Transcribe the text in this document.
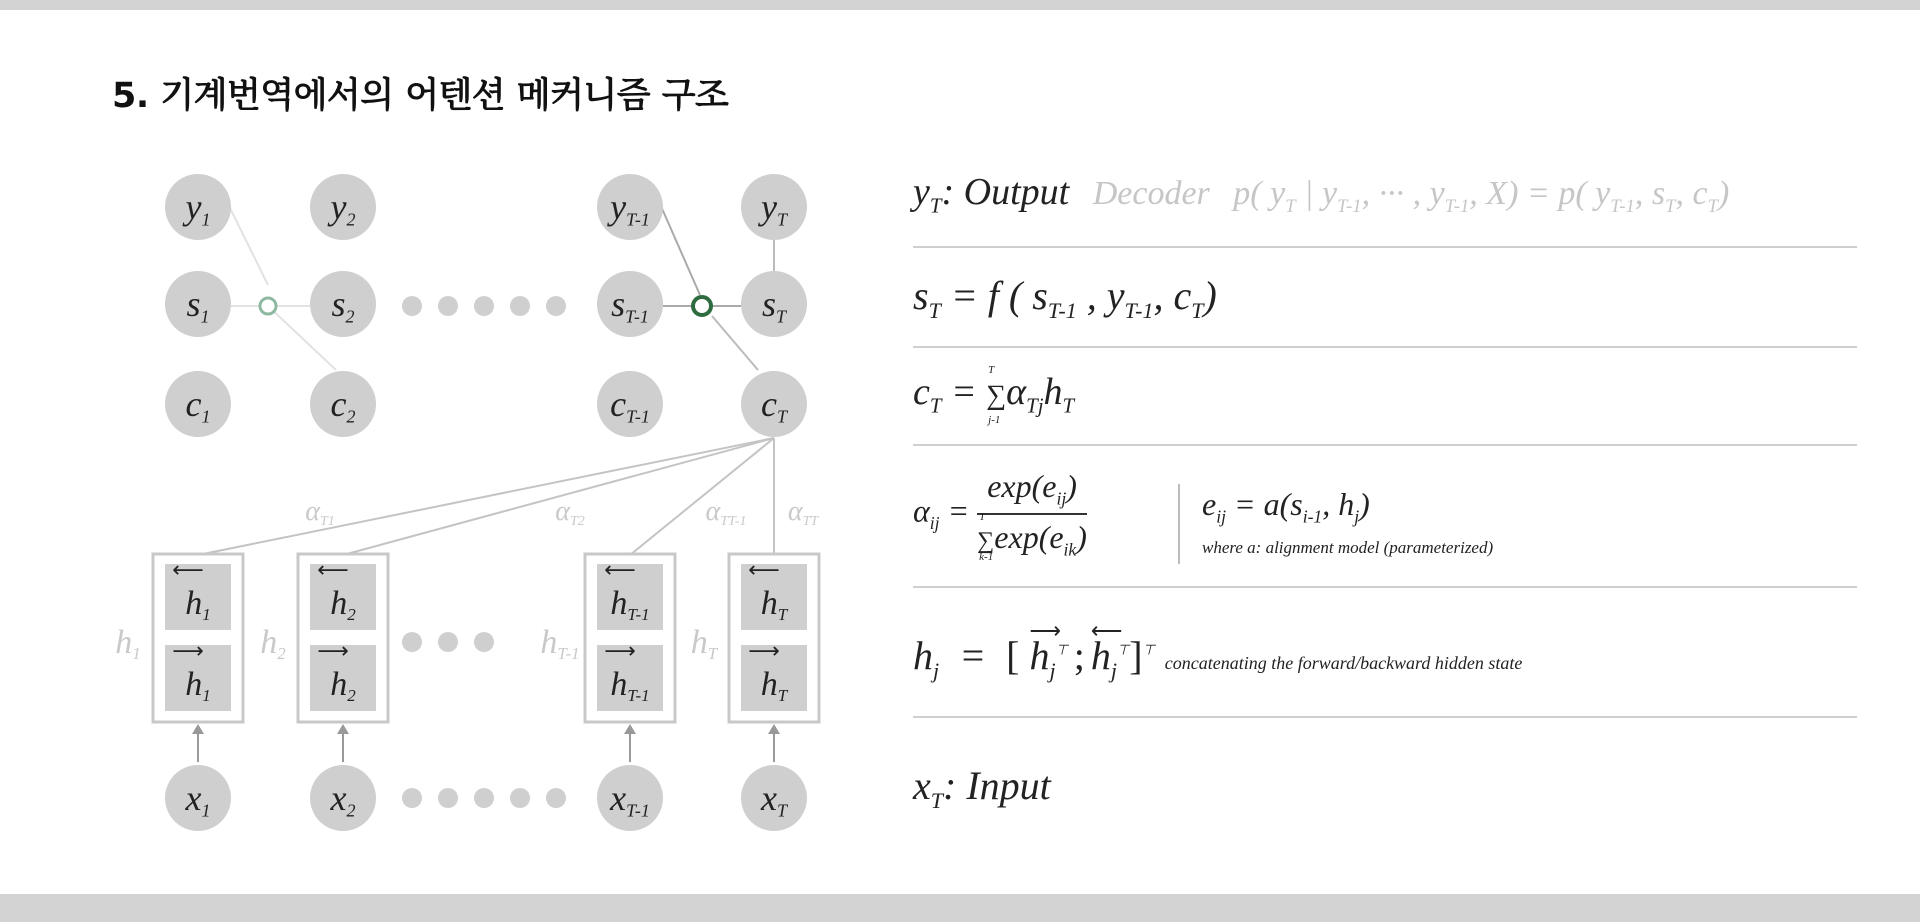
5. 기계번역에서의 어텐션 메커니즘 구조
y1	y2	yT-1	yT
s1	s2	sT-1	sT
c1	c2	cT-1	cT
αT1	αT2	αTT-1 αTT
h1
h1
⟵
⟶
h1
h2
h2
⟵
⟶
h2
hT-1
hT-1
⟵
⟶
hT-1
hT
hT
⟵
⟶
hT
x1	x2	xT-1	xT
$y_T$: Output Decoder p( $y_T$ | $y_{T-1}$, ··· , $y_{T-1}$, X) = p( $y_{T-1}$, $s_T$, $c_T$)
$s_T = f$ ( $s_{T-1}$ , $y_{T-1}$, $c_T$)
$c_T$ = ∑
T
j-1
$\alpha_{Tj}h_T$
$\alpha_{ij} = \exp(e_{ij})$
∑
T
k-1
$\exp(e_{ik})$	$e_{ij} = a(s_{i-1}$, $h_j$)
where a: alignment model (parameterized)
$h_j$ = [
⟶
$h_j^⊤$ ;
⟵
$h_j^⊤]^⊤$ concatenating the forward/backward hidden state
$x_T$: Input
